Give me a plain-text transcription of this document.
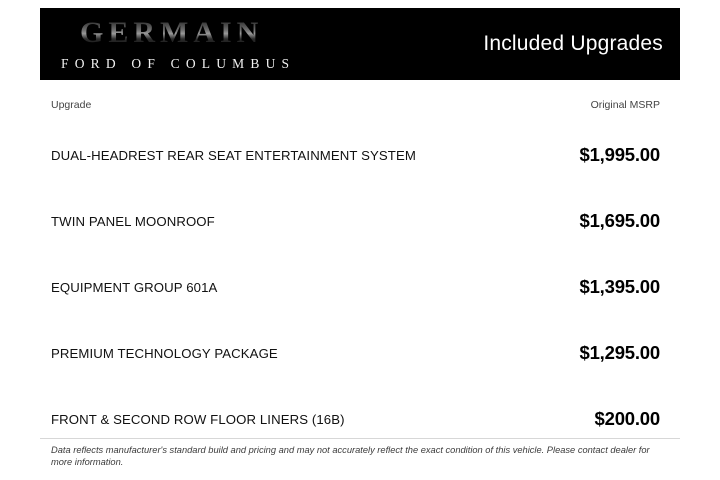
GERMAIN
FORD OF COLUMBUS
Included Upgrades
Upgrade	Original MSRP
DUAL-HEADREST REAR SEAT ENTERTAINMENT SYSTEM	$1,995.00
TWIN PANEL MOONROOF	$1,695.00
EQUIPMENT GROUP 601A	$1,395.00
PREMIUM TECHNOLOGY PACKAGE	$1,295.00
FRONT & SECOND ROW FLOOR LINERS (16B)	$200.00
Data reflects manufacturer's standard build and pricing and may not accurately reflect the exact condition of this vehicle. Please contact dealer for more information.
